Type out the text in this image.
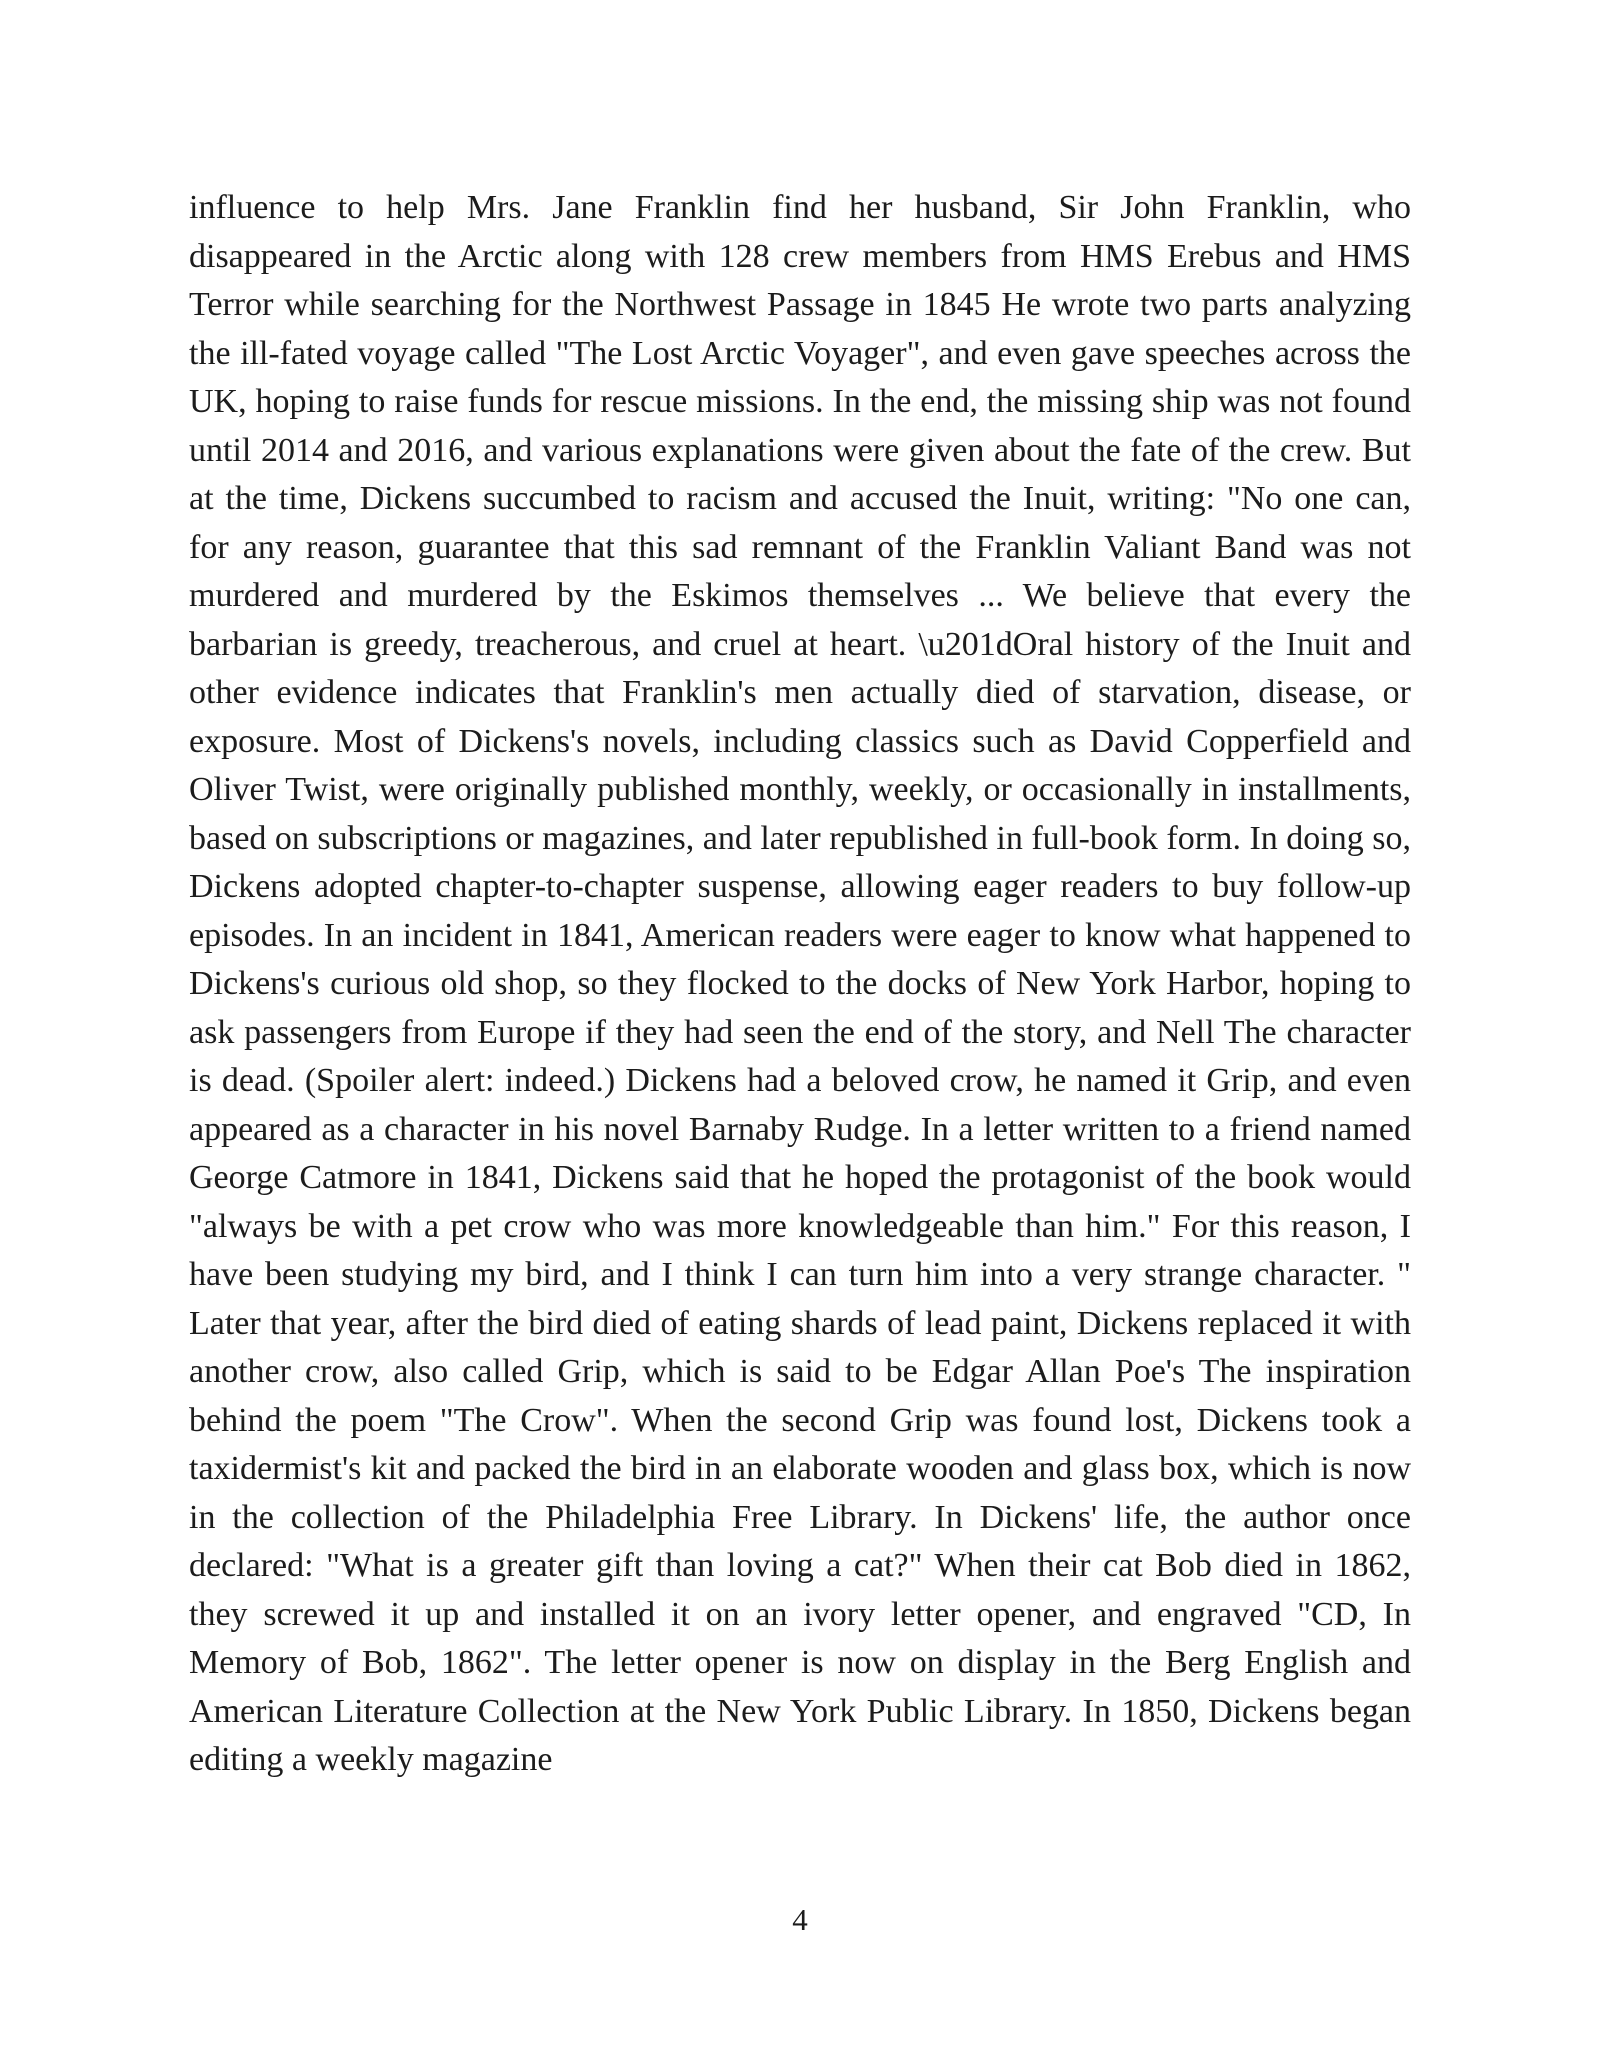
influence to help Mrs. Jane Franklin find her husband, Sir John Franklin, who disappeared in the Arctic along with 128 crew members from HMS Erebus and HMS Terror while searching for the Northwest Passage in 1845 He wrote two parts analyzing the ill-fated voyage called "The Lost Arctic Voyager", and even gave speeches across the UK, hoping to raise funds for rescue missions. In the end, the missing ship was not found until 2014 and 2016, and various explanations were given about the fate of the crew. But at the time, Dickens succumbed to racism and accused the Inuit, writing: "No one can, for any reason, guarantee that this sad remnant of the Franklin Valiant Band was not murdered and murdered by the Eskimos themselves ... We believe that every the barbarian is greedy, treacherous, and cruel at heart. \u201dOral history of the Inuit and other evidence indicates that Franklin's men actually died of starvation, disease, or exposure. Most of Dickens's novels, including classics such as David Copperfield and Oliver Twist, were originally published monthly, weekly, or occasionally in installments, based on subscriptions or magazines, and later republished in full-book form. In doing so, Dickens adopted chapter-to-chapter suspense, allowing eager readers to buy follow-up episodes. In an incident in 1841, American readers were eager to know what happened to Dickens's curious old shop, so they flocked to the docks of New York Harbor, hoping to ask passengers from Europe if they had seen the end of the story, and Nell The character is dead. (Spoiler alert: indeed.) Dickens had a beloved crow, he named it Grip, and even appeared as a character in his novel Barnaby Rudge. In a letter written to a friend named George Catmore in 1841, Dickens said that he hoped the protagonist of the book would "always be with a pet crow who was more knowledgeable than him." For this reason, I have been studying my bird, and I think I can turn him into a very strange character. " Later that year, after the bird died of eating shards of lead paint, Dickens replaced it with another crow, also called Grip, which is said to be Edgar Allan Poe's The inspiration behind the poem "The Crow". When the second Grip was found lost, Dickens took a taxidermist's kit and packed the bird in an elaborate wooden and glass box, which is now in the collection of the Philadelphia Free Library. In Dickens' life, the author once declared: "What is a greater gift than loving a cat?" When their cat Bob died in 1862, they screwed it up and installed it on an ivory letter opener, and engraved "CD, In Memory of Bob, 1862". The letter opener is now on display in the Berg English and American Literature Collection at the New York Public Library. In 1850, Dickens began editing a weekly magazine

4
